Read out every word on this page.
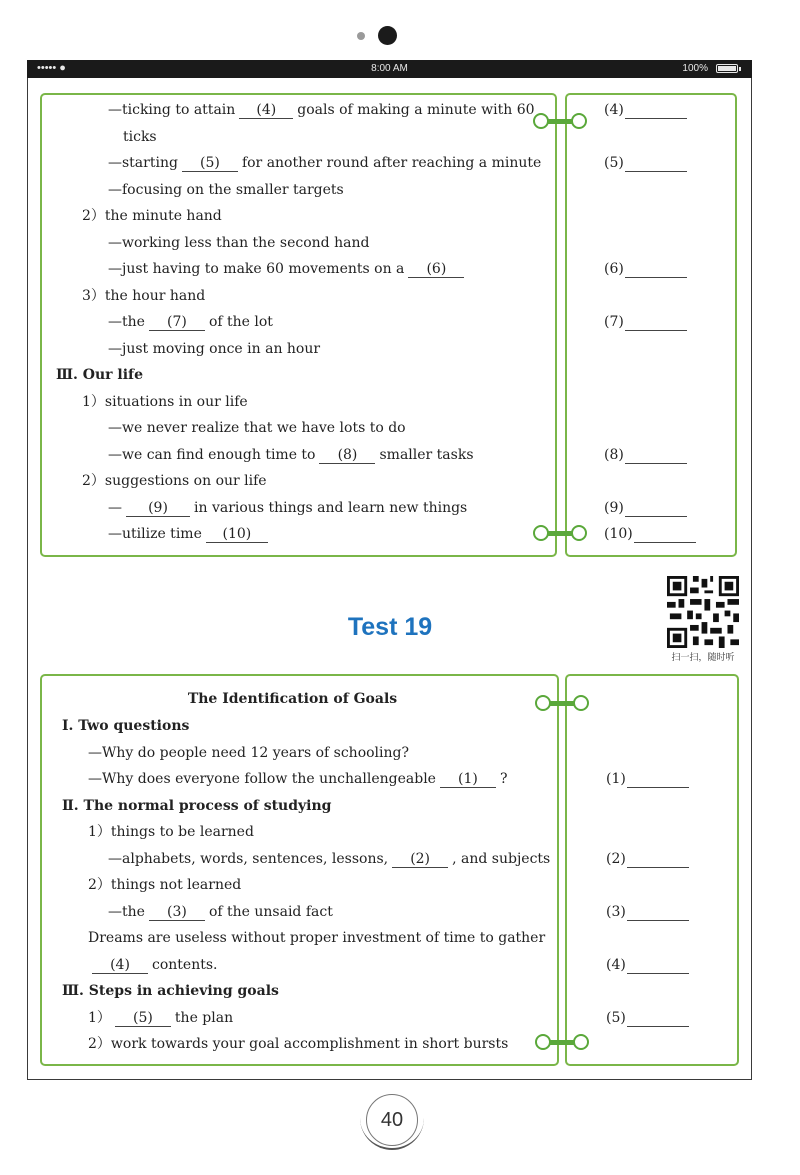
••••• ●	8:00 AM	100%
—ticking to attain (4) goals of making a minute with 60
ticks
—starting (5) for another round after reaching a minute
—focusing on the smaller targets
2）the minute hand
—working less than the second hand
—just having to make 60 movements on a (6)
3）the hour hand
—the (7) of the lot
—just moving once in an hour
Ⅲ. Our life
1）situations in our life
—we never realize that we have lots to do
—we can find enough time to (8) smaller tasks
2）suggestions on our life
— (9) in various things and learn new things
—utilize time (10)
(4)
(5)
(6)
(7)
(8)
(9)
(10)
Test 19
扫一扫，随时听
The Identification of Goals
Ⅰ. Two questions
—Why do people need 12 years of schooling?
—Why does everyone follow the unchallengeable (1) ?
Ⅱ. The normal process of studying
1）things to be learned
—alphabets, words, sentences, lessons, (2) , and subjects
2）things not learned
—the (3) of the unsaid fact
Dreams are useless without proper investment of time to gather
(4) contents.
Ⅲ. Steps in achieving goals
1） (5) the plan
2）work towards your goal accomplishment in short bursts
(1)
(2)
(3)
(4)
(5)
40
